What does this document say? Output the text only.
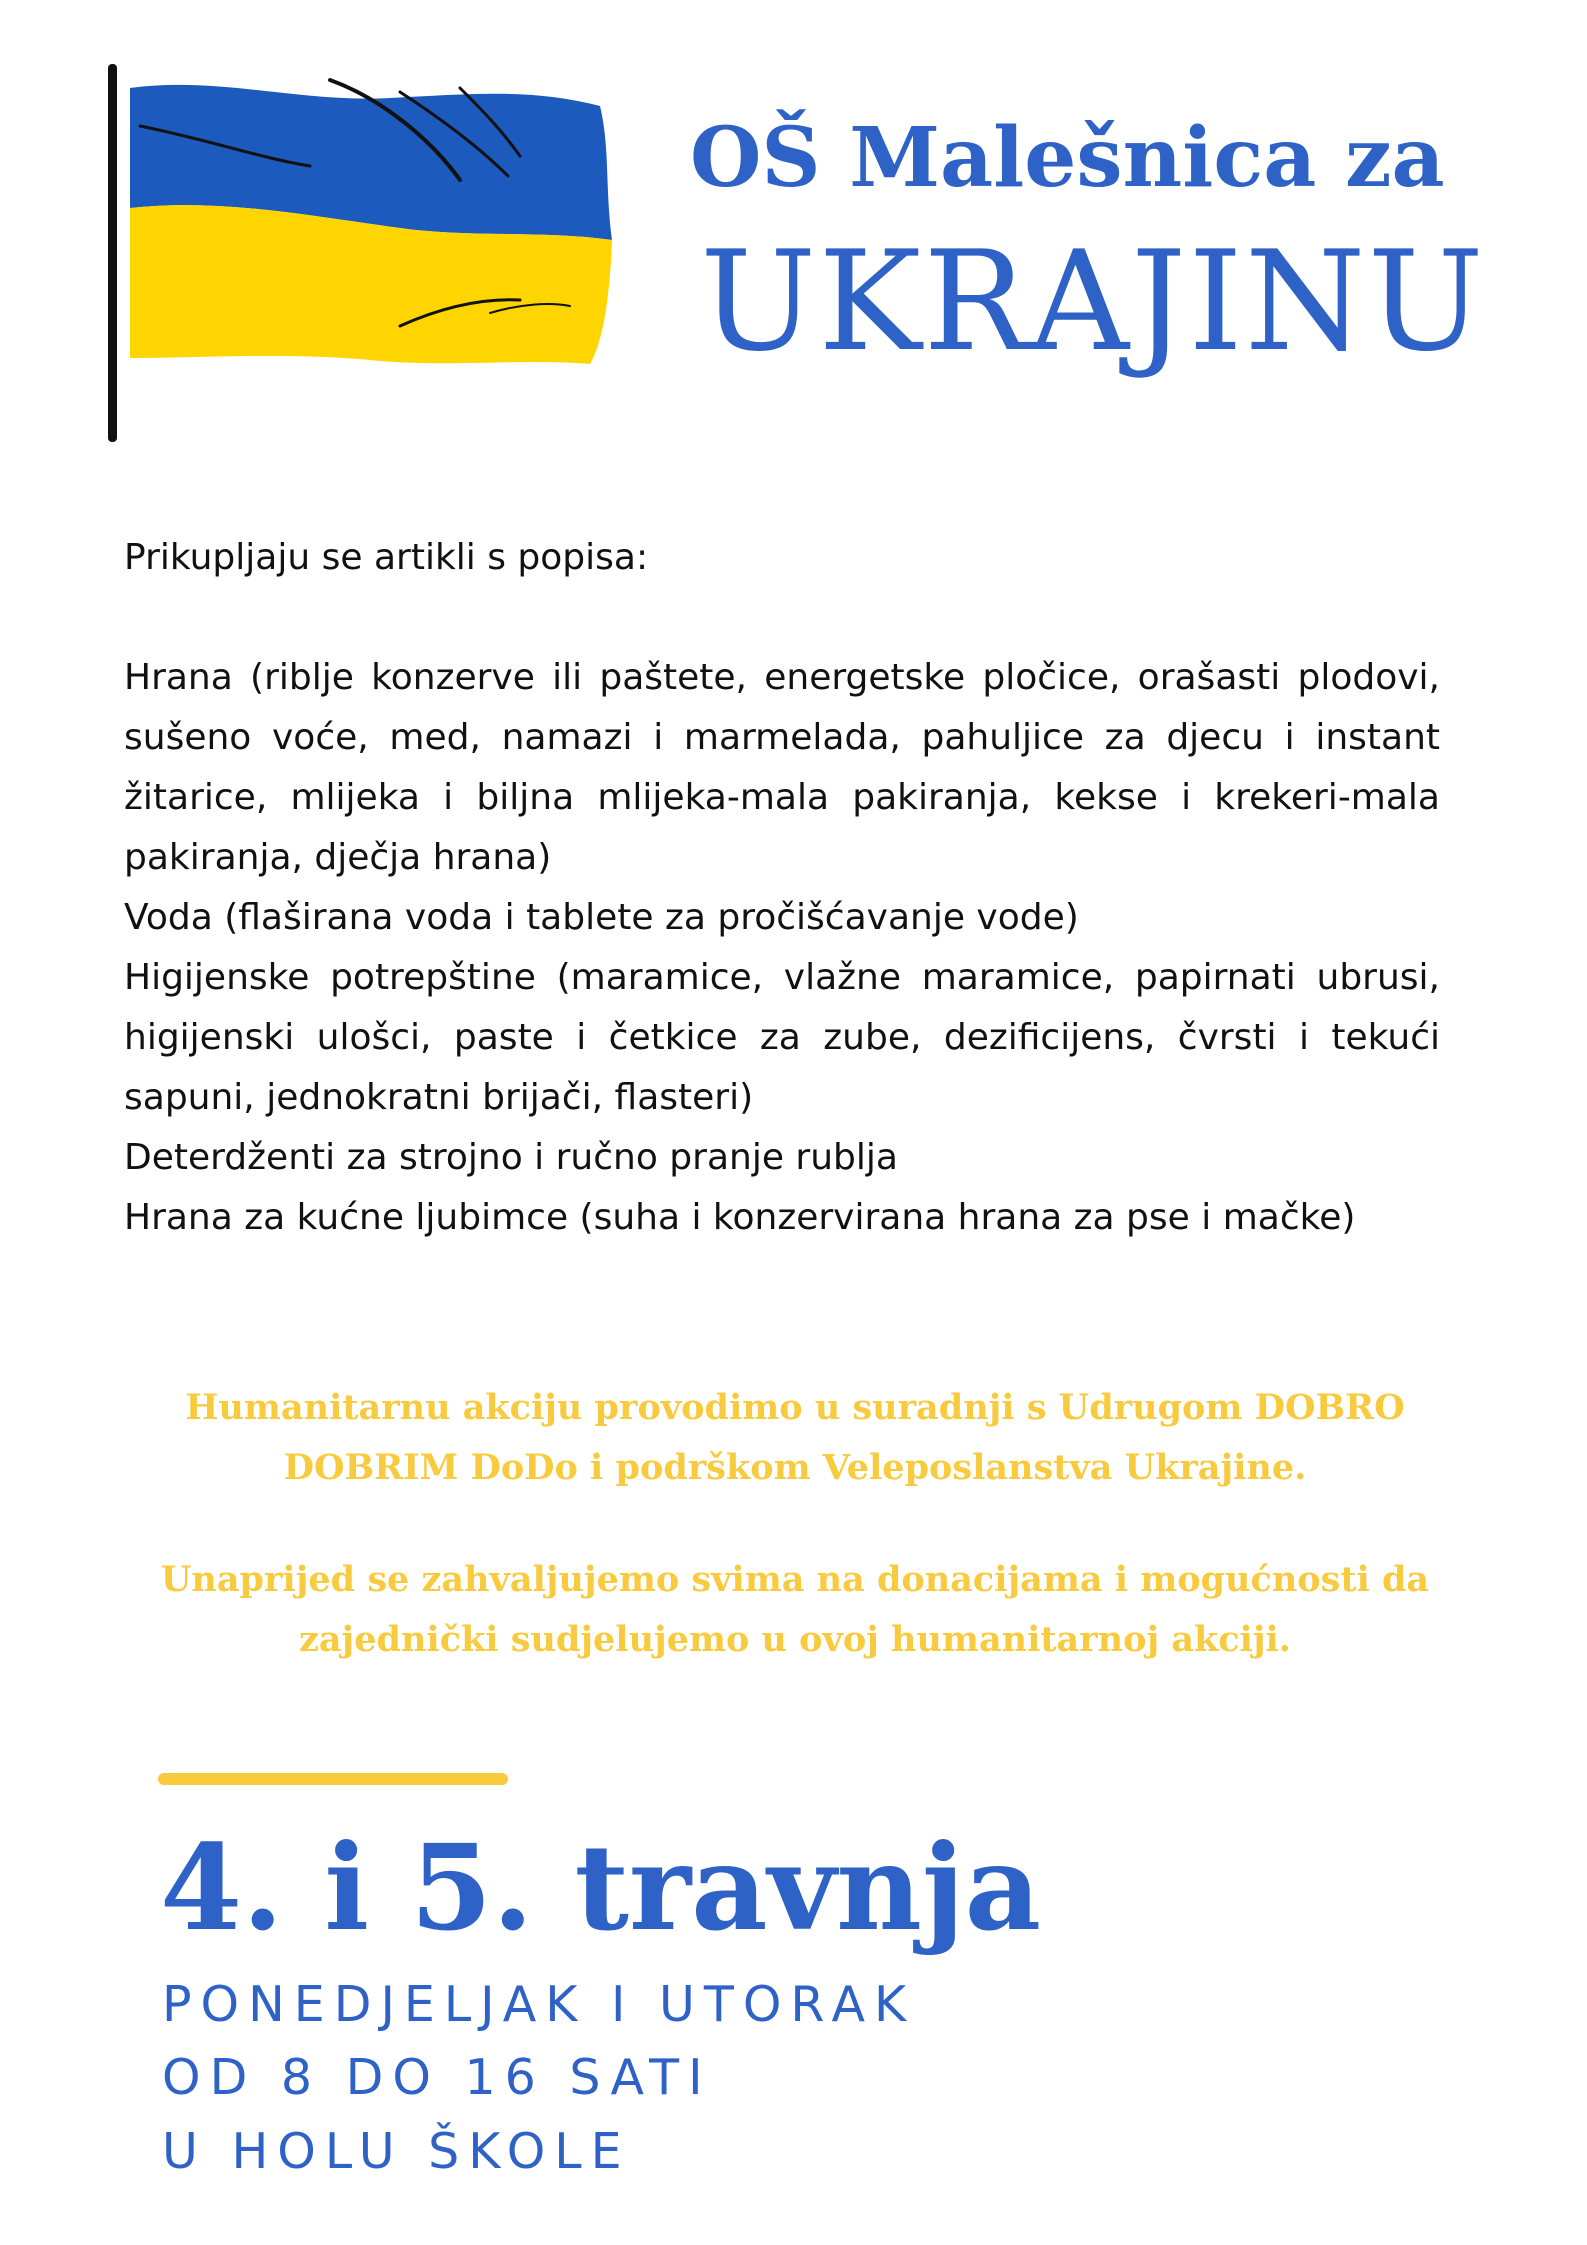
OŠ Malešnica za
UKRAJINU

Prikupljaju se artikli s popisa:

Hrana (riblje konzerve ili paštete, energetske pločice, orašasti plodovi, sušeno voće, med, namazi i marmelada, pahuljice za djecu i instant žitarice, mlijeka i biljna mlijeka-mala pakiranja, kekse i krekeri-mala pakiranja, dječja hrana)

Voda (flaširana voda i tablete za pročišćavanje vode)

Higijenske potrepštine (maramice, vlažne maramice, papirnati ubrusi, higijenski ulošci, paste i četkice za zube, dezificijens, čvrsti i tekući sapuni, jednokratni brijači, flasteri)

Deterdženti za strojno i ručno pranje rublja

Hrana za kućne ljubimce (suha i konzervirana hrana za pse i mačke)

Humanitarnu akciju provodimo u suradnji s Udrugom DOBRO DOBRIM DoDo i podrškom Veleposlanstva Ukrajine.

Unaprijed se zahvaljujemo svima na donacijama i mogućnosti da zajednički sudjelujemo u ovoj humanitarnoj akciji.

4. i 5. travnja
PONEDJELJAK I UTORAK
OD 8 DO 16 SATI
U HOLU ŠKOLE
